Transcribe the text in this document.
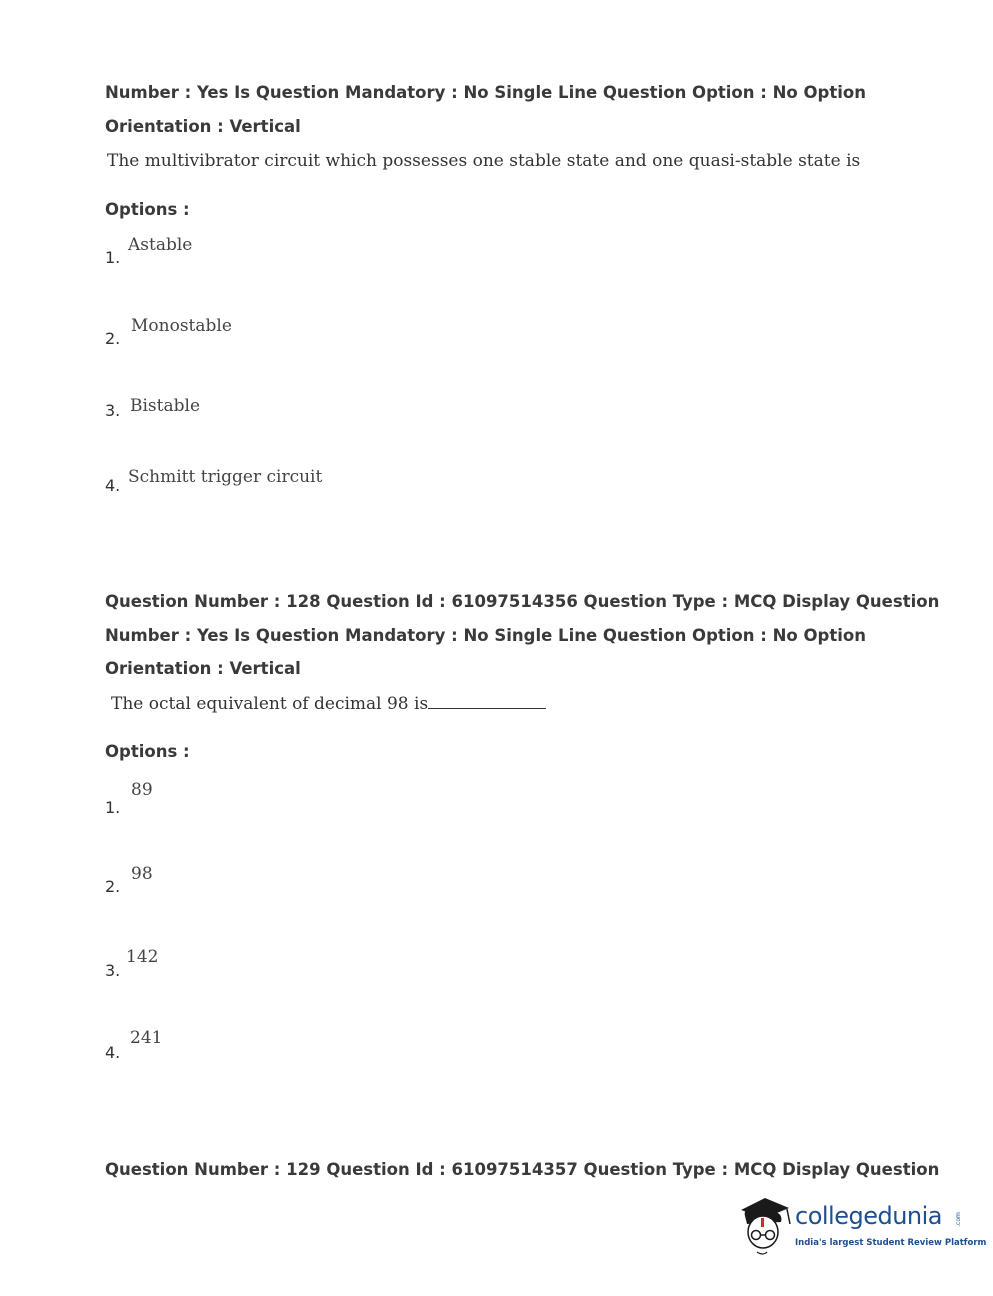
Number : Yes Is Question Mandatory : No Single Line Question Option : No Option
Orientation : Vertical
The multivibrator circuit which possesses one stable state and one quasi-stable state is
Options :
1.
Astable
2.
Monostable
3. Bistable
4. Schmitt trigger circuit
Question Number : 128 Question Id : 61097514356 Question Type : MCQ Display Question
Number : Yes Is Question Mandatory : No Single Line Question Option : No Option
Orientation : Vertical
The octal equivalent of decimal 98 is
Options :
1.
89
2.
98
3.
142
4.
241
Question Number : 129 Question Id : 61097514357 Question Type : MCQ Display Question
collegedunia .com
India's largest Student Review Platform
